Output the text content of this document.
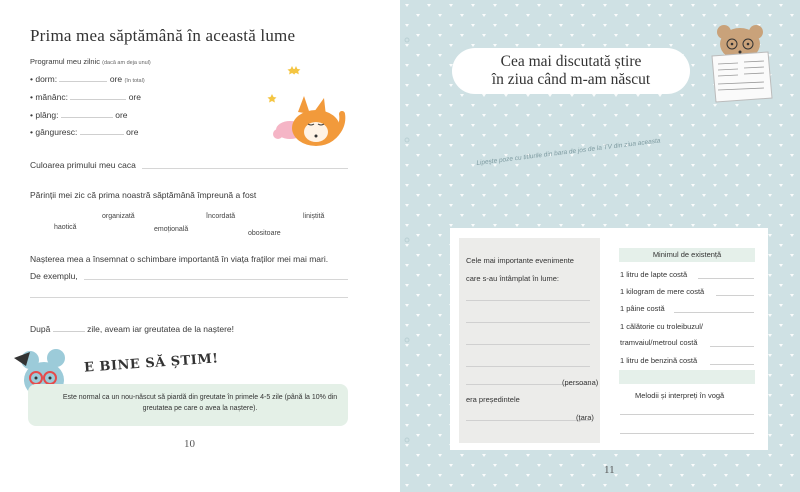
Prima mea săptămână în această lume
Programul meu zilnic (dacă am deja unul)
• dorm:	ore (în total)
• mănânc:	ore
• plâng:	ore
• gânguresc:	ore
Culoarea primului meu caca
Părinții mei zic că prima noastră săptămână împreună a fost
organizată	încordată	liniștită
haotică	emoțională
obositoare
Nașterea mea a însemnat o schimbare importantă în viața fraților mei mai mari.
De exemplu,
După	zile, aveam iar greutatea de la naștere!
E BINE SĂ ȘTIM!
Este normal ca un nou-născut să piardă din greutate în primele 4-5 zile (până la 10% din greutatea pe care o avea la naștere).
10
Cea mai discutată știre
în ziua când m-am născut
Lipește poze cu titlurile din bara de jos de la TV din ziua aceasta
Cele mai importante evenimente
care s-au întâmplat în lume:
(persoana)
era președintele
(țara)
Minimul de existență
1 litru de lapte costă
1 kilogram de mere costă
1 pâine costă
1 călătorie cu troleibuzul/
tramvaiul/metroul costă
1 litru de benzină costă
Melodii și interpreți în vogă
11
